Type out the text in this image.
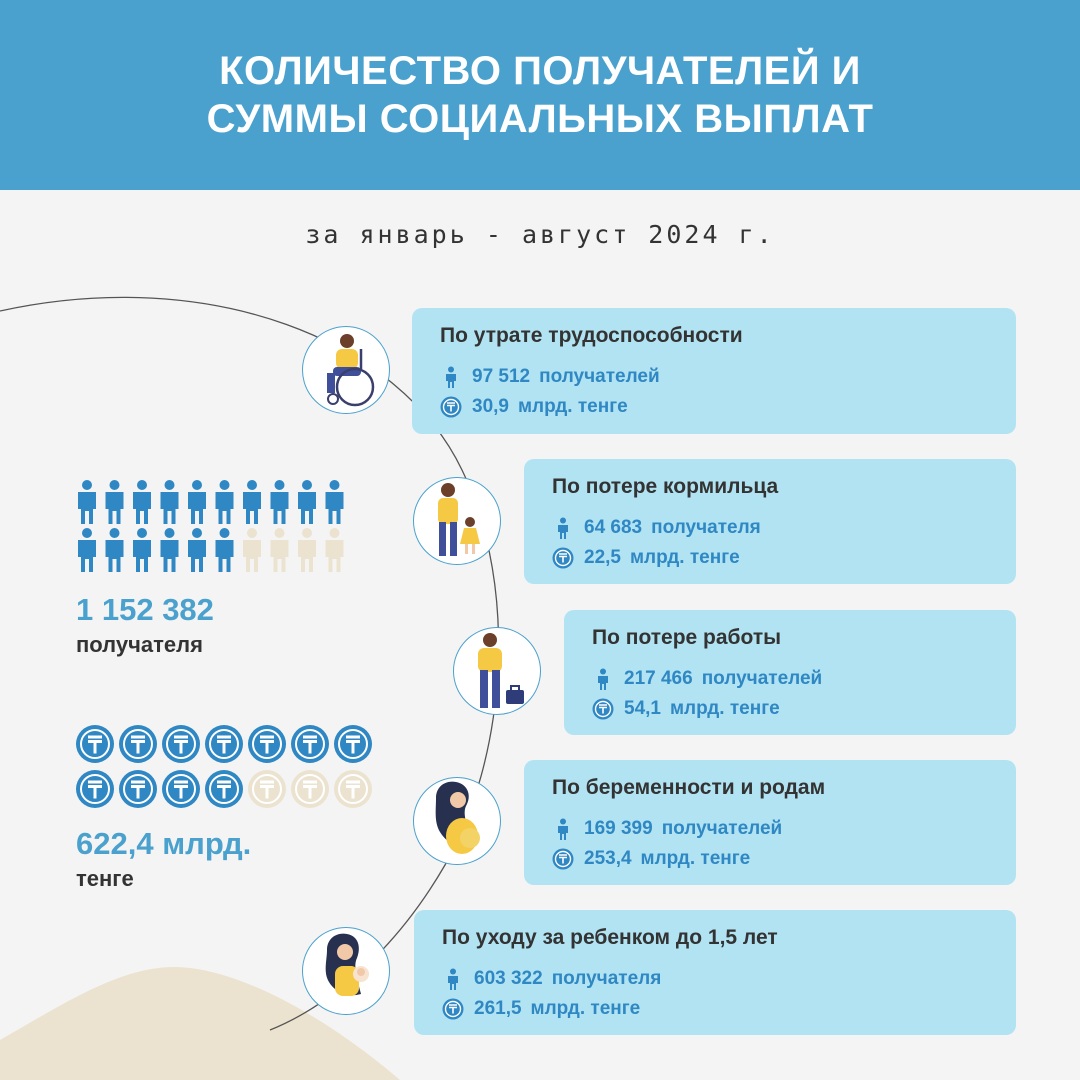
КОЛИЧЕСТВО ПОЛУЧАТЕЛЕЙ И
СУММЫ СОЦИАЛЬНЫХ ВЫПЛАТ
за январь - август 2024 г.
1 152 382
получателя
622,4 млрд.
тенге
По утрате трудоспособности
97 512 получателей
30,9 млрд. тенге
По потере кормильца
64 683 получателя
22,5 млрд. тенге
По потере работы
217 466 получателей
54,1 млрд. тенге
По беременности и родам
169 399 получателей
253,4 млрд. тенге
По уходу за ребенком до 1,5 лет
603 322 получателя
261,5 млрд. тенге
